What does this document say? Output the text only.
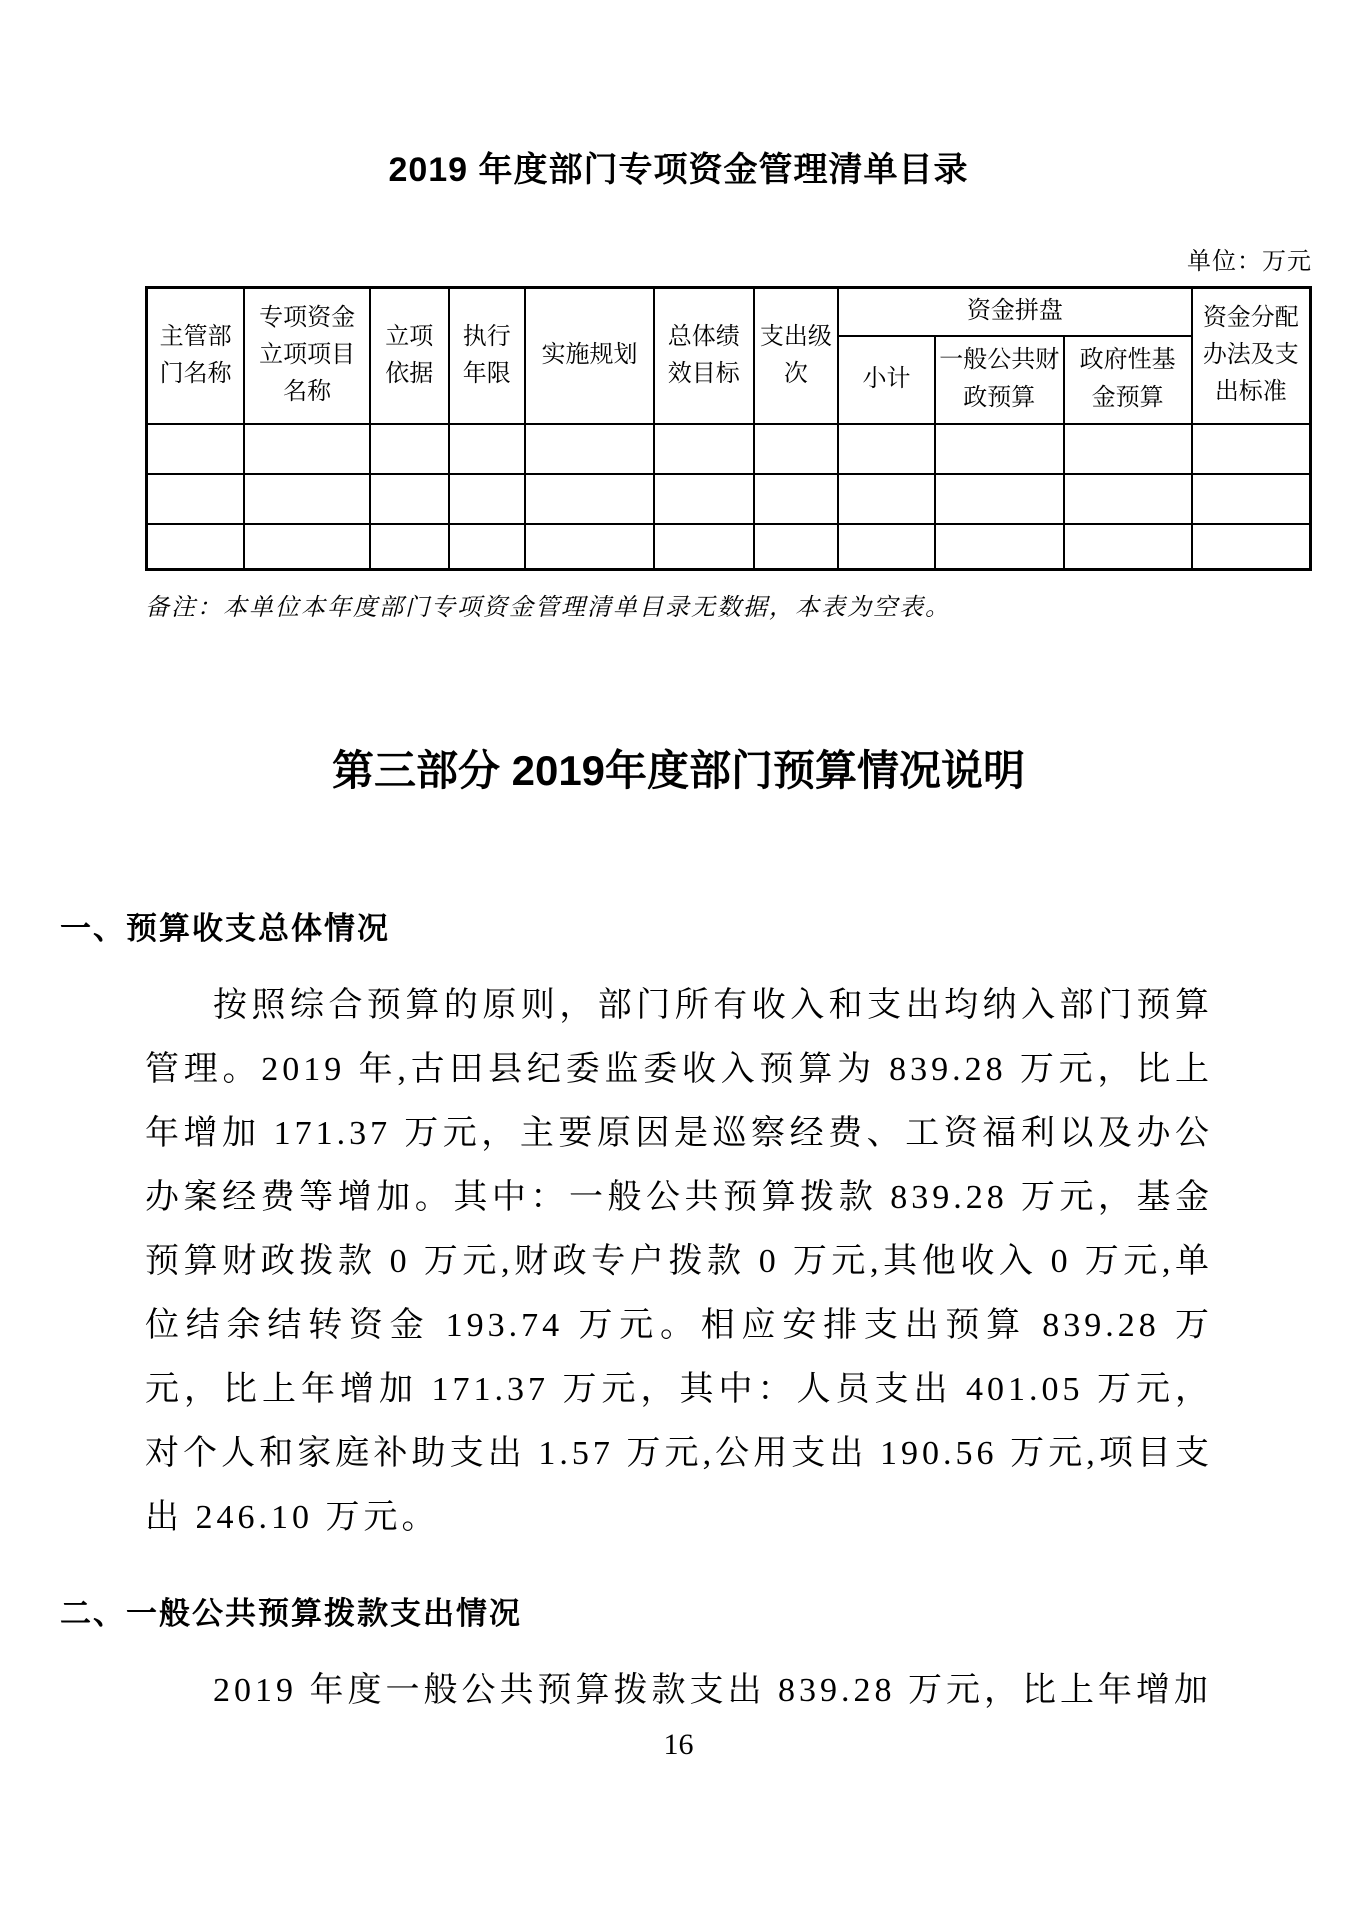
2019 年度部门专项资金管理清单目录
单位：万元
主管部门名称	专项资金立项项目名称	立项依据	执行年限	实施规划	总体绩效目标	支出级次	资金拼盘			资金分配办法及支出标准
							小计	一般公共财政预算	政府性基金预算	

备注：本单位本年度部门专项资金管理清单目录无数据，本表为空表。
第三部分 2019年度部门预算情况说明
一、预算收支总体情况
按照综合预算的原则，部门所有收入和支出均纳入部门预算管理。2019 年,古田县纪委监委收入预算为 839.28 万元，比上年增加 171.37 万元，主要原因是巡察经费、工资福利以及办公办案经费等增加。其中：一般公共预算拨款 839.28 万元，基金预算财政拨款 0 万元,财政专户拨款 0 万元,其他收入 0 万元,单位结余结转资金 193.74 万元。相应安排支出预算 839.28 万元，比上年增加 171.37 万元，其中：人员支出 401.05 万元，对个人和家庭补助支出 1.57 万元,公用支出 190.56 万元,项目支出 246.10 万元。
二、一般公共预算拨款支出情况
2019 年度一般公共预算拨款支出 839.28 万元，比上年增加
16
